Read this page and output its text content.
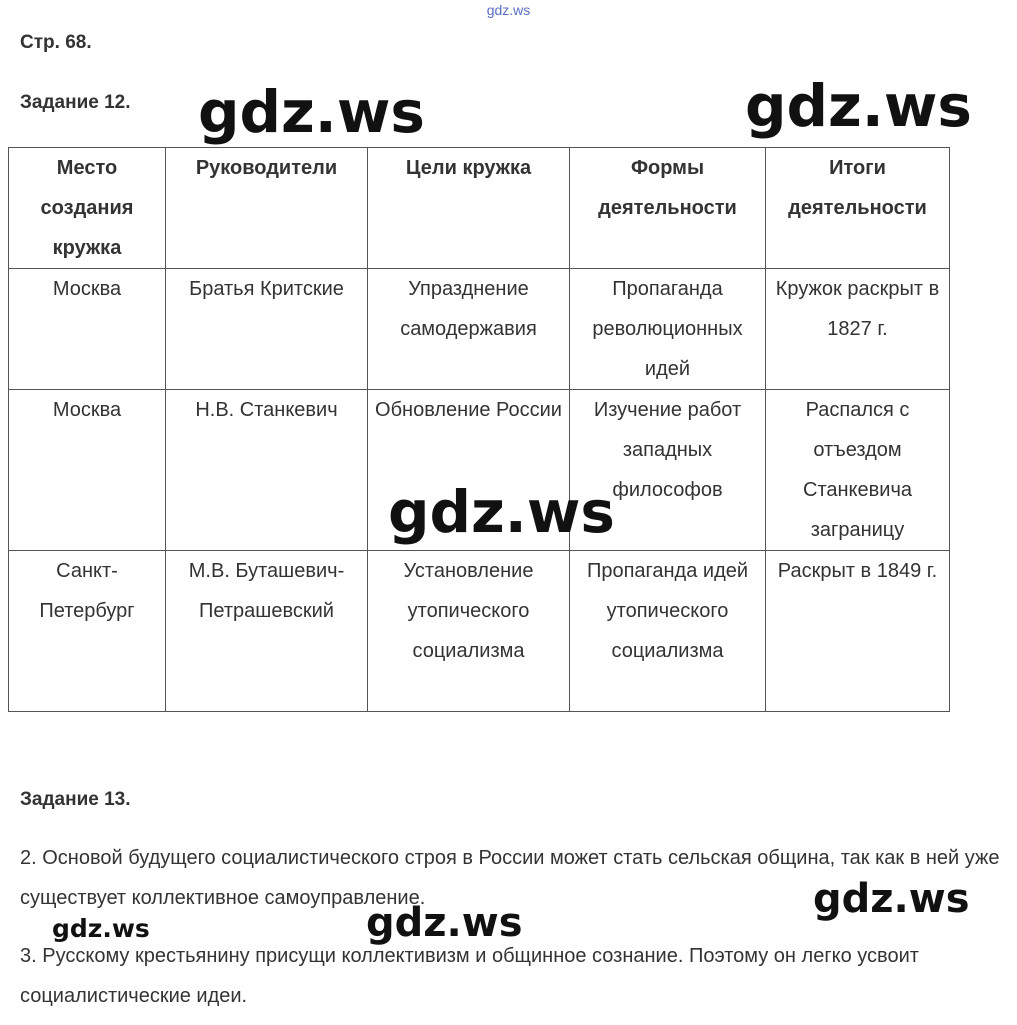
gdz.ws
Стр. 68.
Задание 12. gdz.ws	gdz.ws
Место создания кружка	Руководители	Цели кружка	Формы деятельности	Итоги деятельности
Москва	Братья Критские	Упразднение самодержавия	Пропаганда революционных идей	Кружок раскрыт в 1827 г.
Москва	Н.В. Станкевич	Обновление России	Изучение работ западных философов	Распался с отъездом Станкевича заграницу
Санкт-Петербург	М.В. Буташевич-Петрашевский	Установление утопического социализма	Пропаганда идей утопического социализма	Раскрыт в 1849 г.
gdz.ws
Задание 13.
2. Основой будущего социалистического строя в России может стать сельская община, так как в ней уже существует коллективное самоуправление.
3. Русскому крестьянину присущи коллективизм и общинное сознание. Поэтому он легко усвоит социалистические идеи.
gdz.ws
gdz.ws
gdz.ws
